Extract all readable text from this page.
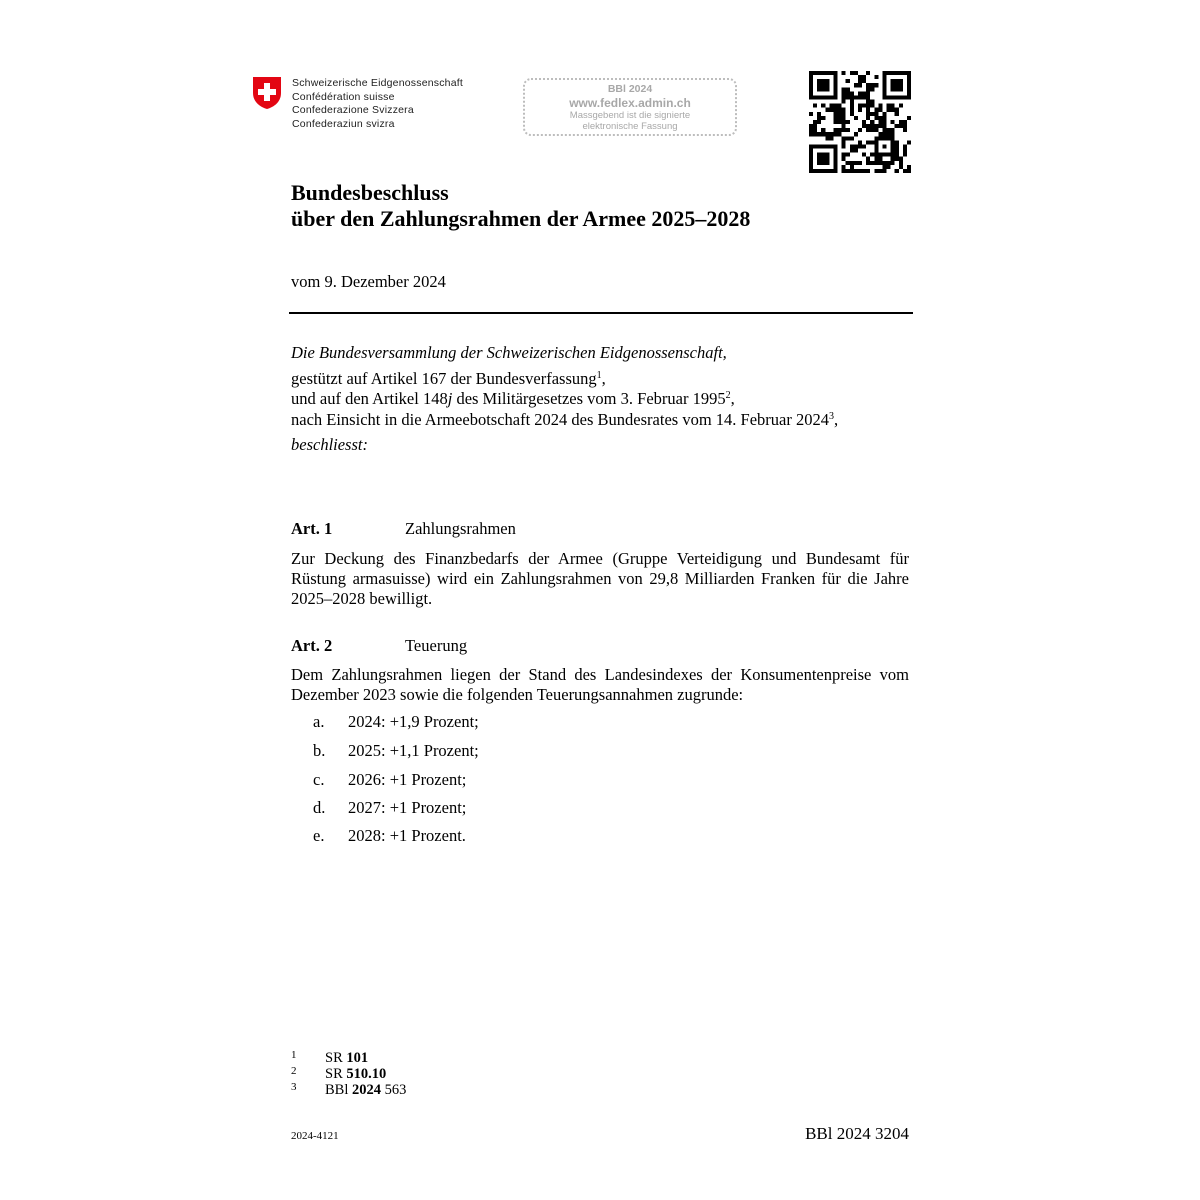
Schweizerische Eidgenossenschaft
Confédération suisse
Confederazione Svizzera
Confederaziun svizra
BBl 2024
www.fedlex.admin.ch
Massgebend ist die signierte
elektronische Fassung
Bundesbeschluss
über den Zahlungsrahmen der Armee 2025–2028
vom 9. Dezember 2024
Die Bundesversammlung der Schweizerischen Eidgenossenschaft,
gestützt auf Artikel 167 der Bundesverfassung$^1$,
und auf den Artikel 148j des Militärgesetzes vom 3. Februar 1995$^2$,
nach Einsicht in die Armeebotschaft 2024 des Bundesrates vom 14. Februar 2024$^3$,
beschliesst:
Art. 1	Zahlungsrahmen
Zur Deckung des Finanzbedarfs der Armee (Gruppe Verteidigung und Bundesamt für Rüstung armasuisse) wird ein Zahlungsrahmen von 29,8 Milliarden Franken für die Jahre 2025–2028 bewilligt.
Art. 2	Teuerung
Dem Zahlungsrahmen liegen der Stand des Landesindexes der Konsumentenpreise vom Dezember 2023 sowie die folgenden Teuerungsannahmen zugrunde:
a. 2024: +1,9 Prozent;
b. 2025: +1,1 Prozent;
c. 2026: +1 Prozent;
d. 2027: +1 Prozent;
e. 2028: +1 Prozent.
1 SR 101
2 SR 510.10
3 BBl 2024 563
2024-4121	BBl 2024 3204
